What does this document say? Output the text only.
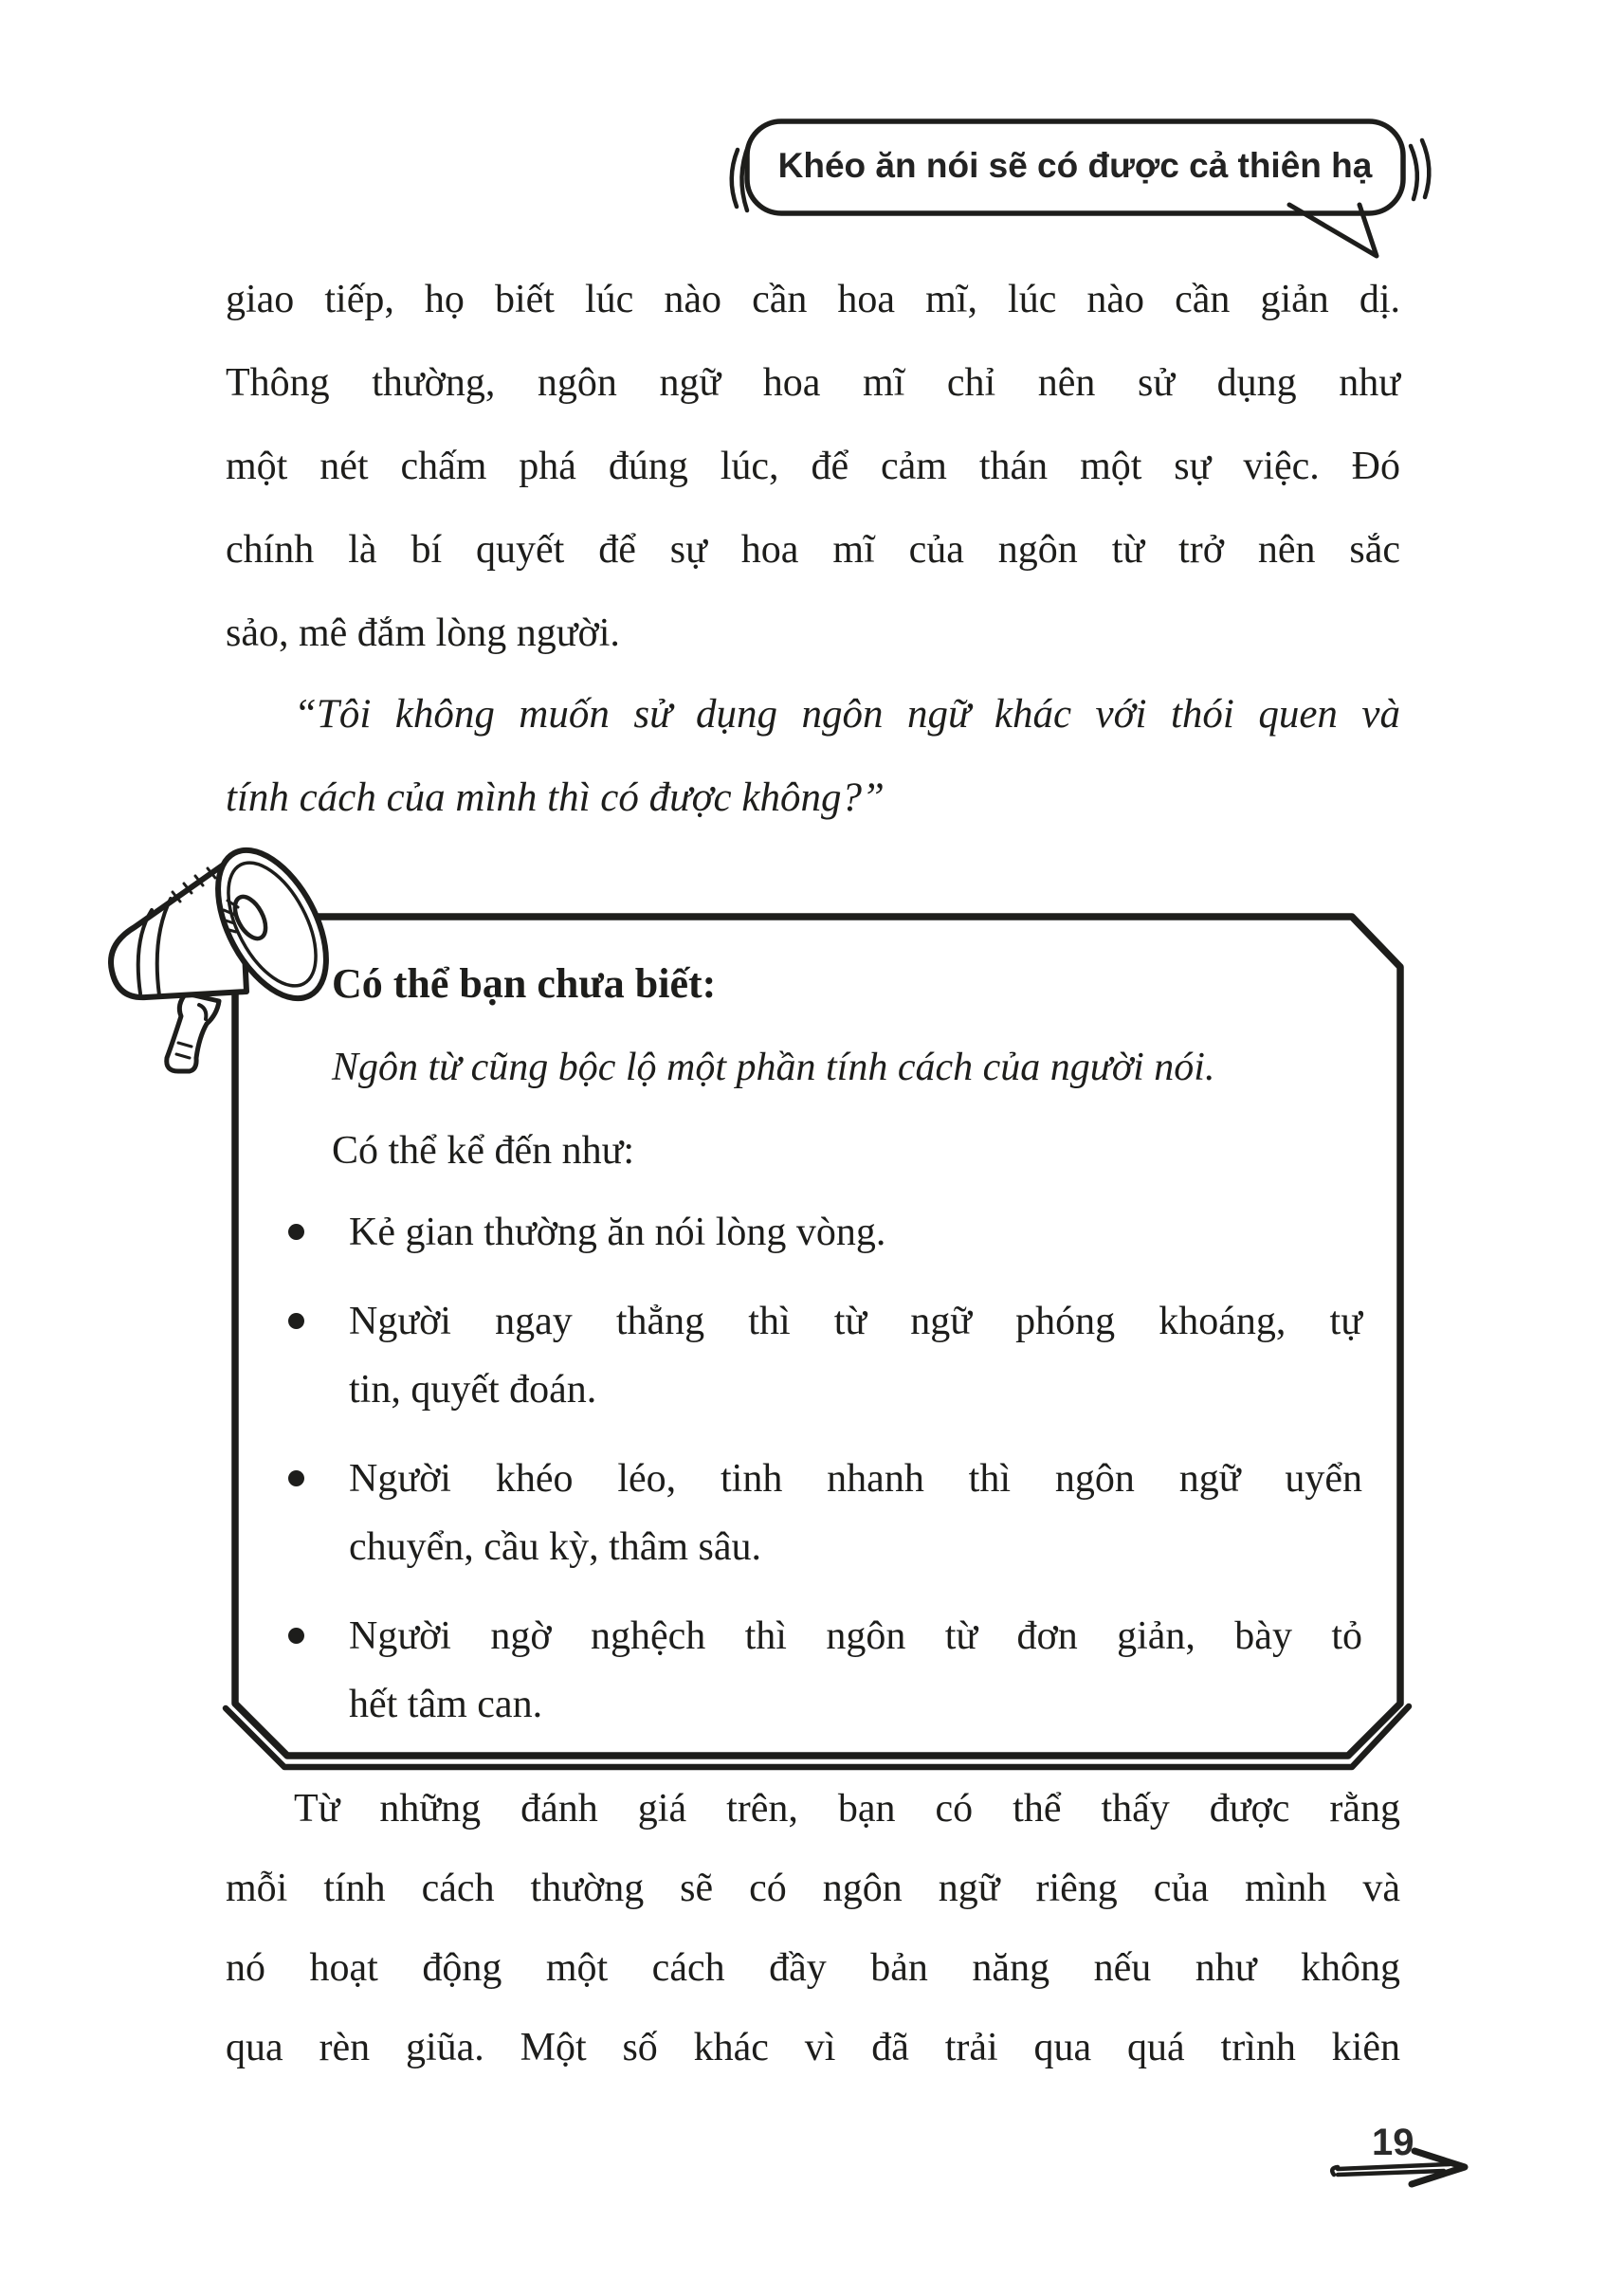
Khéo ăn nói sẽ có được cả thiên hạ
giao tiếp, họ biết lúc nào cần hoa mĩ, lúc nào cần giản dị.
Thông thường, ngôn ngữ hoa mĩ chỉ nên sử dụng như
một nét chấm phá đúng lúc, để cảm thán một sự việc. Đó
chính là bí quyết để sự hoa mĩ của ngôn từ trở nên sắc
sảo, mê đắm lòng người.
“Tôi không muốn sử dụng ngôn ngữ khác với thói quen và
tính cách của mình thì có được không?”
Có thể bạn chưa biết:
Ngôn từ cũng bộc lộ một phần tính cách của người nói.
Có thể kể đến như:
Kẻ gian thường ăn nói lòng vòng.
Người ngay thẳng thì từ ngữ phóng khoáng, tự
tin, quyết đoán.
Người khéo léo, tinh nhanh thì ngôn ngữ uyển
chuyển, cầu kỳ, thâm sâu.
Người ngờ nghệch thì ngôn từ đơn giản, bày tỏ
hết tâm can.
Từ những đánh giá trên, bạn có thể thấy được rằng
mỗi tính cách thường sẽ có ngôn ngữ riêng của mình và
nó hoạt động một cách đầy bản năng nếu như không
qua rèn giũa. Một số khác vì đã trải qua quá trình kiên
19
